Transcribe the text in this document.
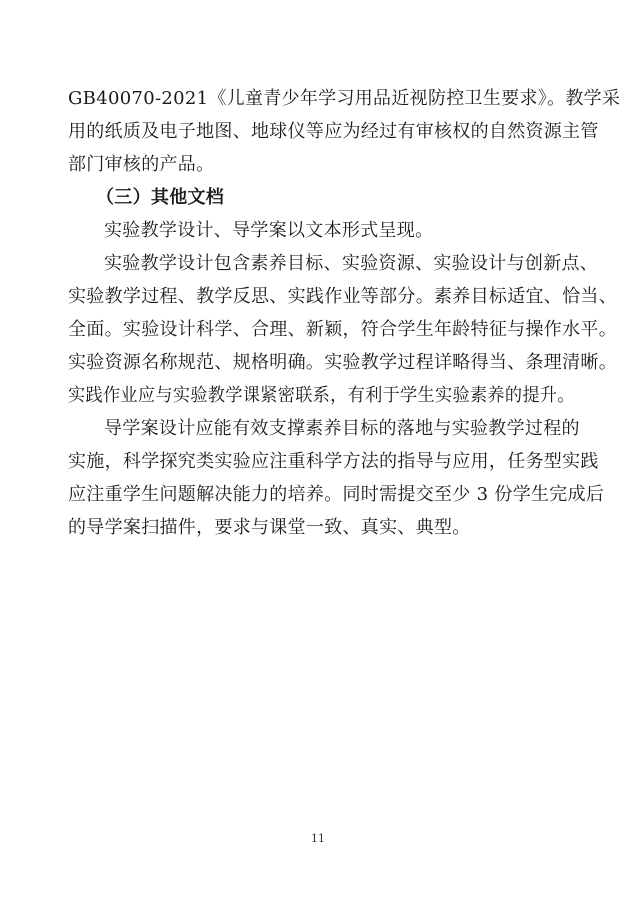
GB40070-2021《儿童青少年学习用品近视防控卫生要求》。教学采
用的纸质及电子地图、地球仪等应为经过有审核权的自然资源主管
部门审核的产品。
（三）其他文档
实验教学设计、导学案以文本形式呈现。
实验教学设计包含素养目标、实验资源、实验设计与创新点、
实验教学过程、教学反思、实践作业等部分。素养目标适宜、恰当、
全面。实验设计科学、合理、新颖，符合学生年龄特征与操作水平。
实验资源名称规范、规格明确。实验教学过程详略得当、条理清晰。
实践作业应与实验教学课紧密联系，有利于学生实验素养的提升。
导学案设计应能有效支撑素养目标的落地与实验教学过程的
实施，科学探究类实验应注重科学方法的指导与应用，任务型实践
应注重学生问题解决能力的培养。同时需提交至少 3 份学生完成后
的导学案扫描件，要求与课堂一致、真实、典型。
11
